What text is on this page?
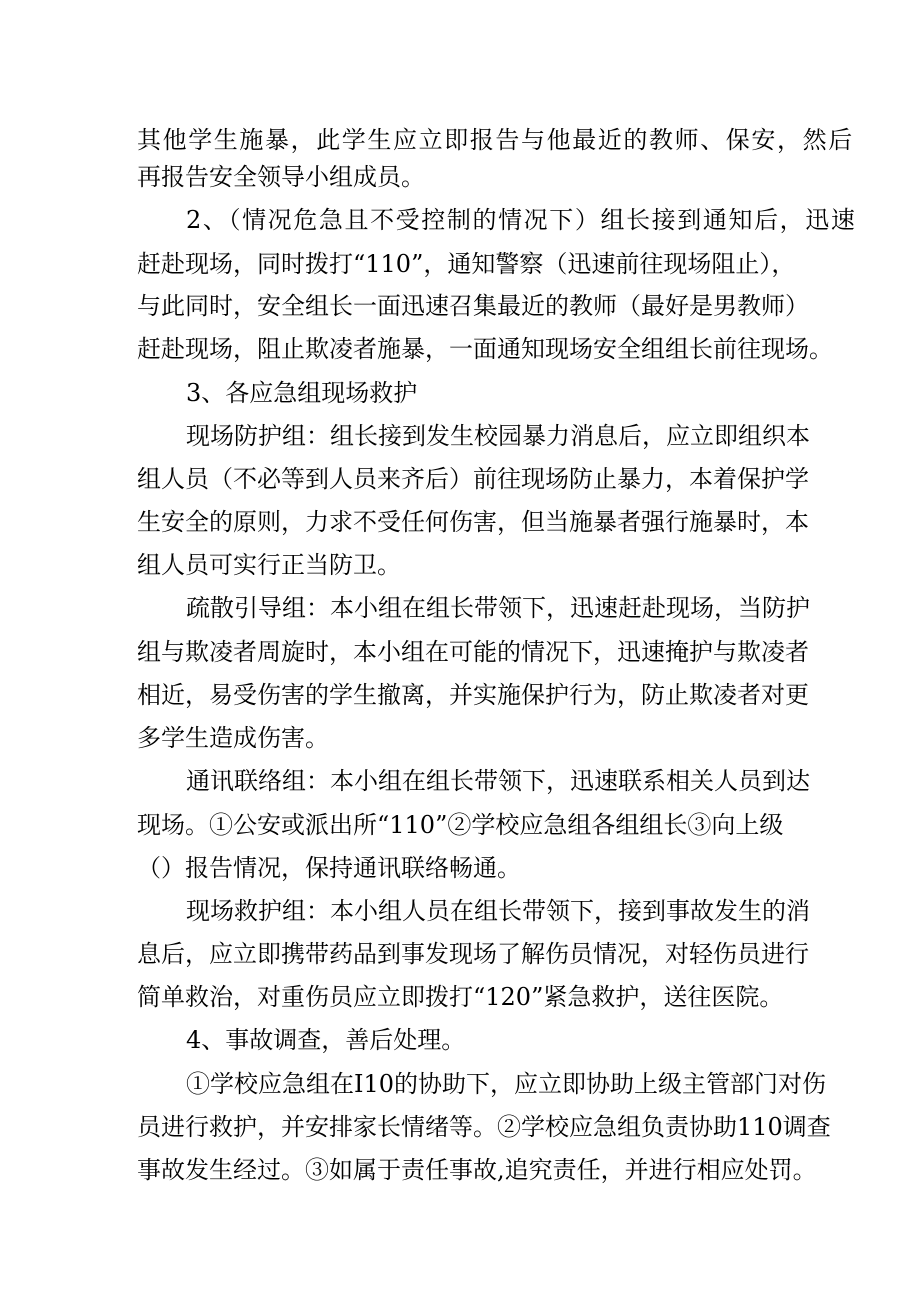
其他学生施暴，此学生应立即报告与他最近的教师、保安，然后
再报告安全领导小组成员。
2、（情况危急且不受控制的情况下）组长接到通知后，迅速
赶赴现场，同时拨打“110”，通知警察（迅速前往现场阻止），
与此同时，安全组长一面迅速召集最近的教师（最好是男教师）
赶赴现场，阻止欺凌者施暴，一面通知现场安全组组长前往现场。
3、各应急组现场救护
现场防护组：组长接到发生校园暴力消息后，应立即组织本
组人员（不必等到人员来齐后）前往现场防止暴力，本着保护学
生安全的原则，力求不受任何伤害，但当施暴者强行施暴时，本
组人员可实行正当防卫。
疏散引导组：本小组在组长带领下，迅速赶赴现场，当防护
组与欺凌者周旋时，本小组在可能的情况下，迅速掩护与欺凌者
相近，易受伤害的学生撤离，并实施保护行为，防止欺凌者对更
多学生造成伤害。
通讯联络组：本小组在组长带领下，迅速联系相关人员到达
现场。①公安或派出所“110”②学校应急组各组组长③向上级
（）报告情况，保持通讯联络畅通。
现场救护组：本小组人员在组长带领下，接到事故发生的消
息后，应立即携带药品到事发现场了解伤员情况，对轻伤员进行
简单救治，对重伤员应立即拨打“120”紧急救护，送往医院。
4、事故调查，善后处理。
①学校应急组在I10的协助下，应立即协助上级主管部门对伤
员进行救护，并安排家长情绪等。②学校应急组负责协助110调查
事故发生经过。③如属于责任事故,追究责任，并进行相应处罚。
